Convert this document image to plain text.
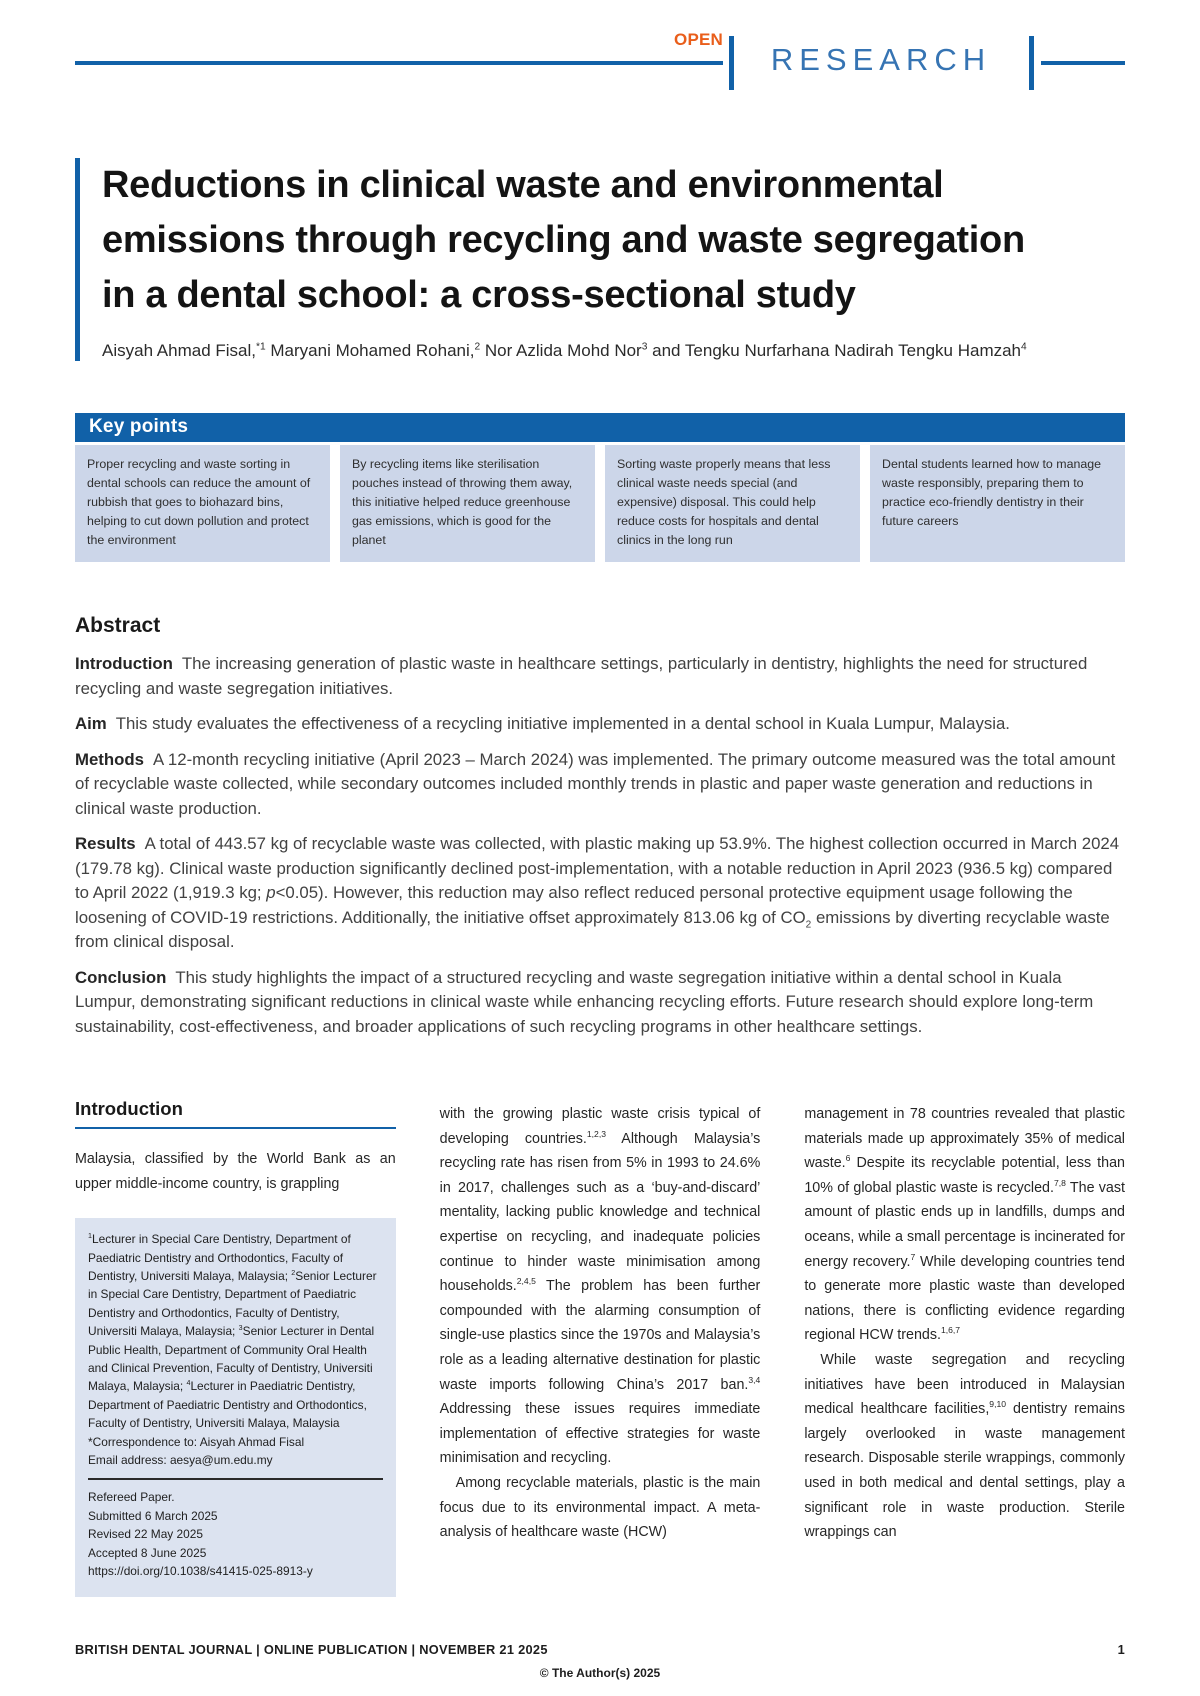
OPEN
RESEARCH
Reductions in clinical waste and environmental emissions through recycling and waste segregation in a dental school: a cross-sectional study
Aisyah Ahmad Fisal,$^{*1}$ Maryani Mohamed Rohani,$^2$ Nor Azlida Mohd Nor$^3$ and Tengku Nurfarhana Nadirah Tengku Hamzah$^4$
Key points
Proper recycling and waste sorting in dental schools can reduce the amount of rubbish that goes to biohazard bins, helping to cut down pollution and protect the environment
By recycling items like sterilisation pouches instead of throwing them away, this initiative helped reduce greenhouse gas emissions, which is good for the planet
Sorting waste properly means that less clinical waste needs special (and expensive) disposal. This could help reduce costs for hospitals and dental clinics in the long run
Dental students learned how to manage waste responsibly, preparing them to practice eco-friendly dentistry in their future careers
Abstract

Introduction The increasing generation of plastic waste in healthcare settings, particularly in dentistry, highlights the need for structured recycling and waste segregation initiatives.

Aim This study evaluates the effectiveness of a recycling initiative implemented in a dental school in Kuala Lumpur, Malaysia.

Methods A 12-month recycling initiative (April 2023 – March 2024) was implemented. The primary outcome measured was the total amount of recyclable waste collected, while secondary outcomes included monthly trends in plastic and paper waste generation and reductions in clinical waste production.

Results A total of 443.57 kg of recyclable waste was collected, with plastic making up 53.9%. The highest collection occurred in March 2024 (179.78 kg). Clinical waste production significantly declined post-implementation, with a notable reduction in April 2023 (936.5 kg) compared to April 2022 (1,919.3 kg; p<0.05). However, this reduction may also reflect reduced personal protective equipment usage following the loosening of COVID-19 restrictions. Additionally, the initiative offset approximately 813.06 kg of $CO_2$ emissions by diverting recyclable waste from clinical disposal.

Conclusion This study highlights the impact of a structured recycling and waste segregation initiative within a dental school in Kuala Lumpur, demonstrating significant reductions in clinical waste while enhancing recycling efforts. Future research should explore long-term sustainability, cost-effectiveness, and broader applications of such recycling programs in other healthcare settings.

Introduction

Malaysia, classified by the World Bank as an upper middle-income country, is grappling

$^1$Lecturer in Special Care Dentistry, Department of Paediatric Dentistry and Orthodontics, Faculty of Dentistry, Universiti Malaya, Malaysia; $^2$Senior Lecturer in Special Care Dentistry, Department of Paediatric Dentistry and Orthodontics, Faculty of Dentistry, Universiti Malaya, Malaysia; $^3$Senior Lecturer in Dental Public Health, Department of Community Oral Health and Clinical Prevention, Faculty of Dentistry, Universiti Malaya, Malaysia; $^4$Lecturer in Paediatric Dentistry, Department of Paediatric Dentistry and Orthodontics, Faculty of Dentistry, Universiti Malaya, Malaysia
*Correspondence to: Aisyah Ahmad Fisal
Email address: aesya@um.edu.my
Refereed Paper.
Submitted 6 March 2025
Revised 22 May 2025
Accepted 8 June 2025
https://doi.org/10.1038/s41415-025-8913-y

with the growing plastic waste crisis typical of developing countries.$^{1,2,3}$ Although Malaysia’s recycling rate has risen from 5% in 1993 to 24.6% in 2017, challenges such as a ‘buy-and-discard’ mentality, lacking public knowledge and technical expertise on recycling, and inadequate policies continue to hinder waste minimisation among households.$^{2,4,5}$ The problem has been further compounded with the alarming consumption of single-use plastics since the 1970s and Malaysia’s role as a leading alternative destination for plastic waste imports following China’s 2017 ban.$^{3,4}$ Addressing these issues requires immediate implementation of effective strategies for waste minimisation and recycling.

Among recyclable materials, plastic is the main focus due to its environmental impact. A meta-analysis of healthcare waste (HCW)

management in 78 countries revealed that plastic materials made up approximately 35% of medical waste.$^6$ Despite its recyclable potential, less than 10% of global plastic waste is recycled.$^{7,8}$ The vast amount of plastic ends up in landfills, dumps and oceans, while a small percentage is incinerated for energy recovery.$^7$ While developing countries tend to generate more plastic waste than developed nations, there is conflicting evidence regarding regional HCW trends.$^{1,6,7}$

While waste segregation and recycling initiatives have been introduced in Malaysian medical healthcare facilities,$^{9,10}$ dentistry remains largely overlooked in waste management research. Disposable sterile wrappings, commonly used in both medical and dental settings, play a significant role in waste production. Sterile wrappings can

BRITISH DENTAL JOURNAL | ONLINE PUBLICATION | NOVEMBER 21 2025	1
© The Author(s) 2025
